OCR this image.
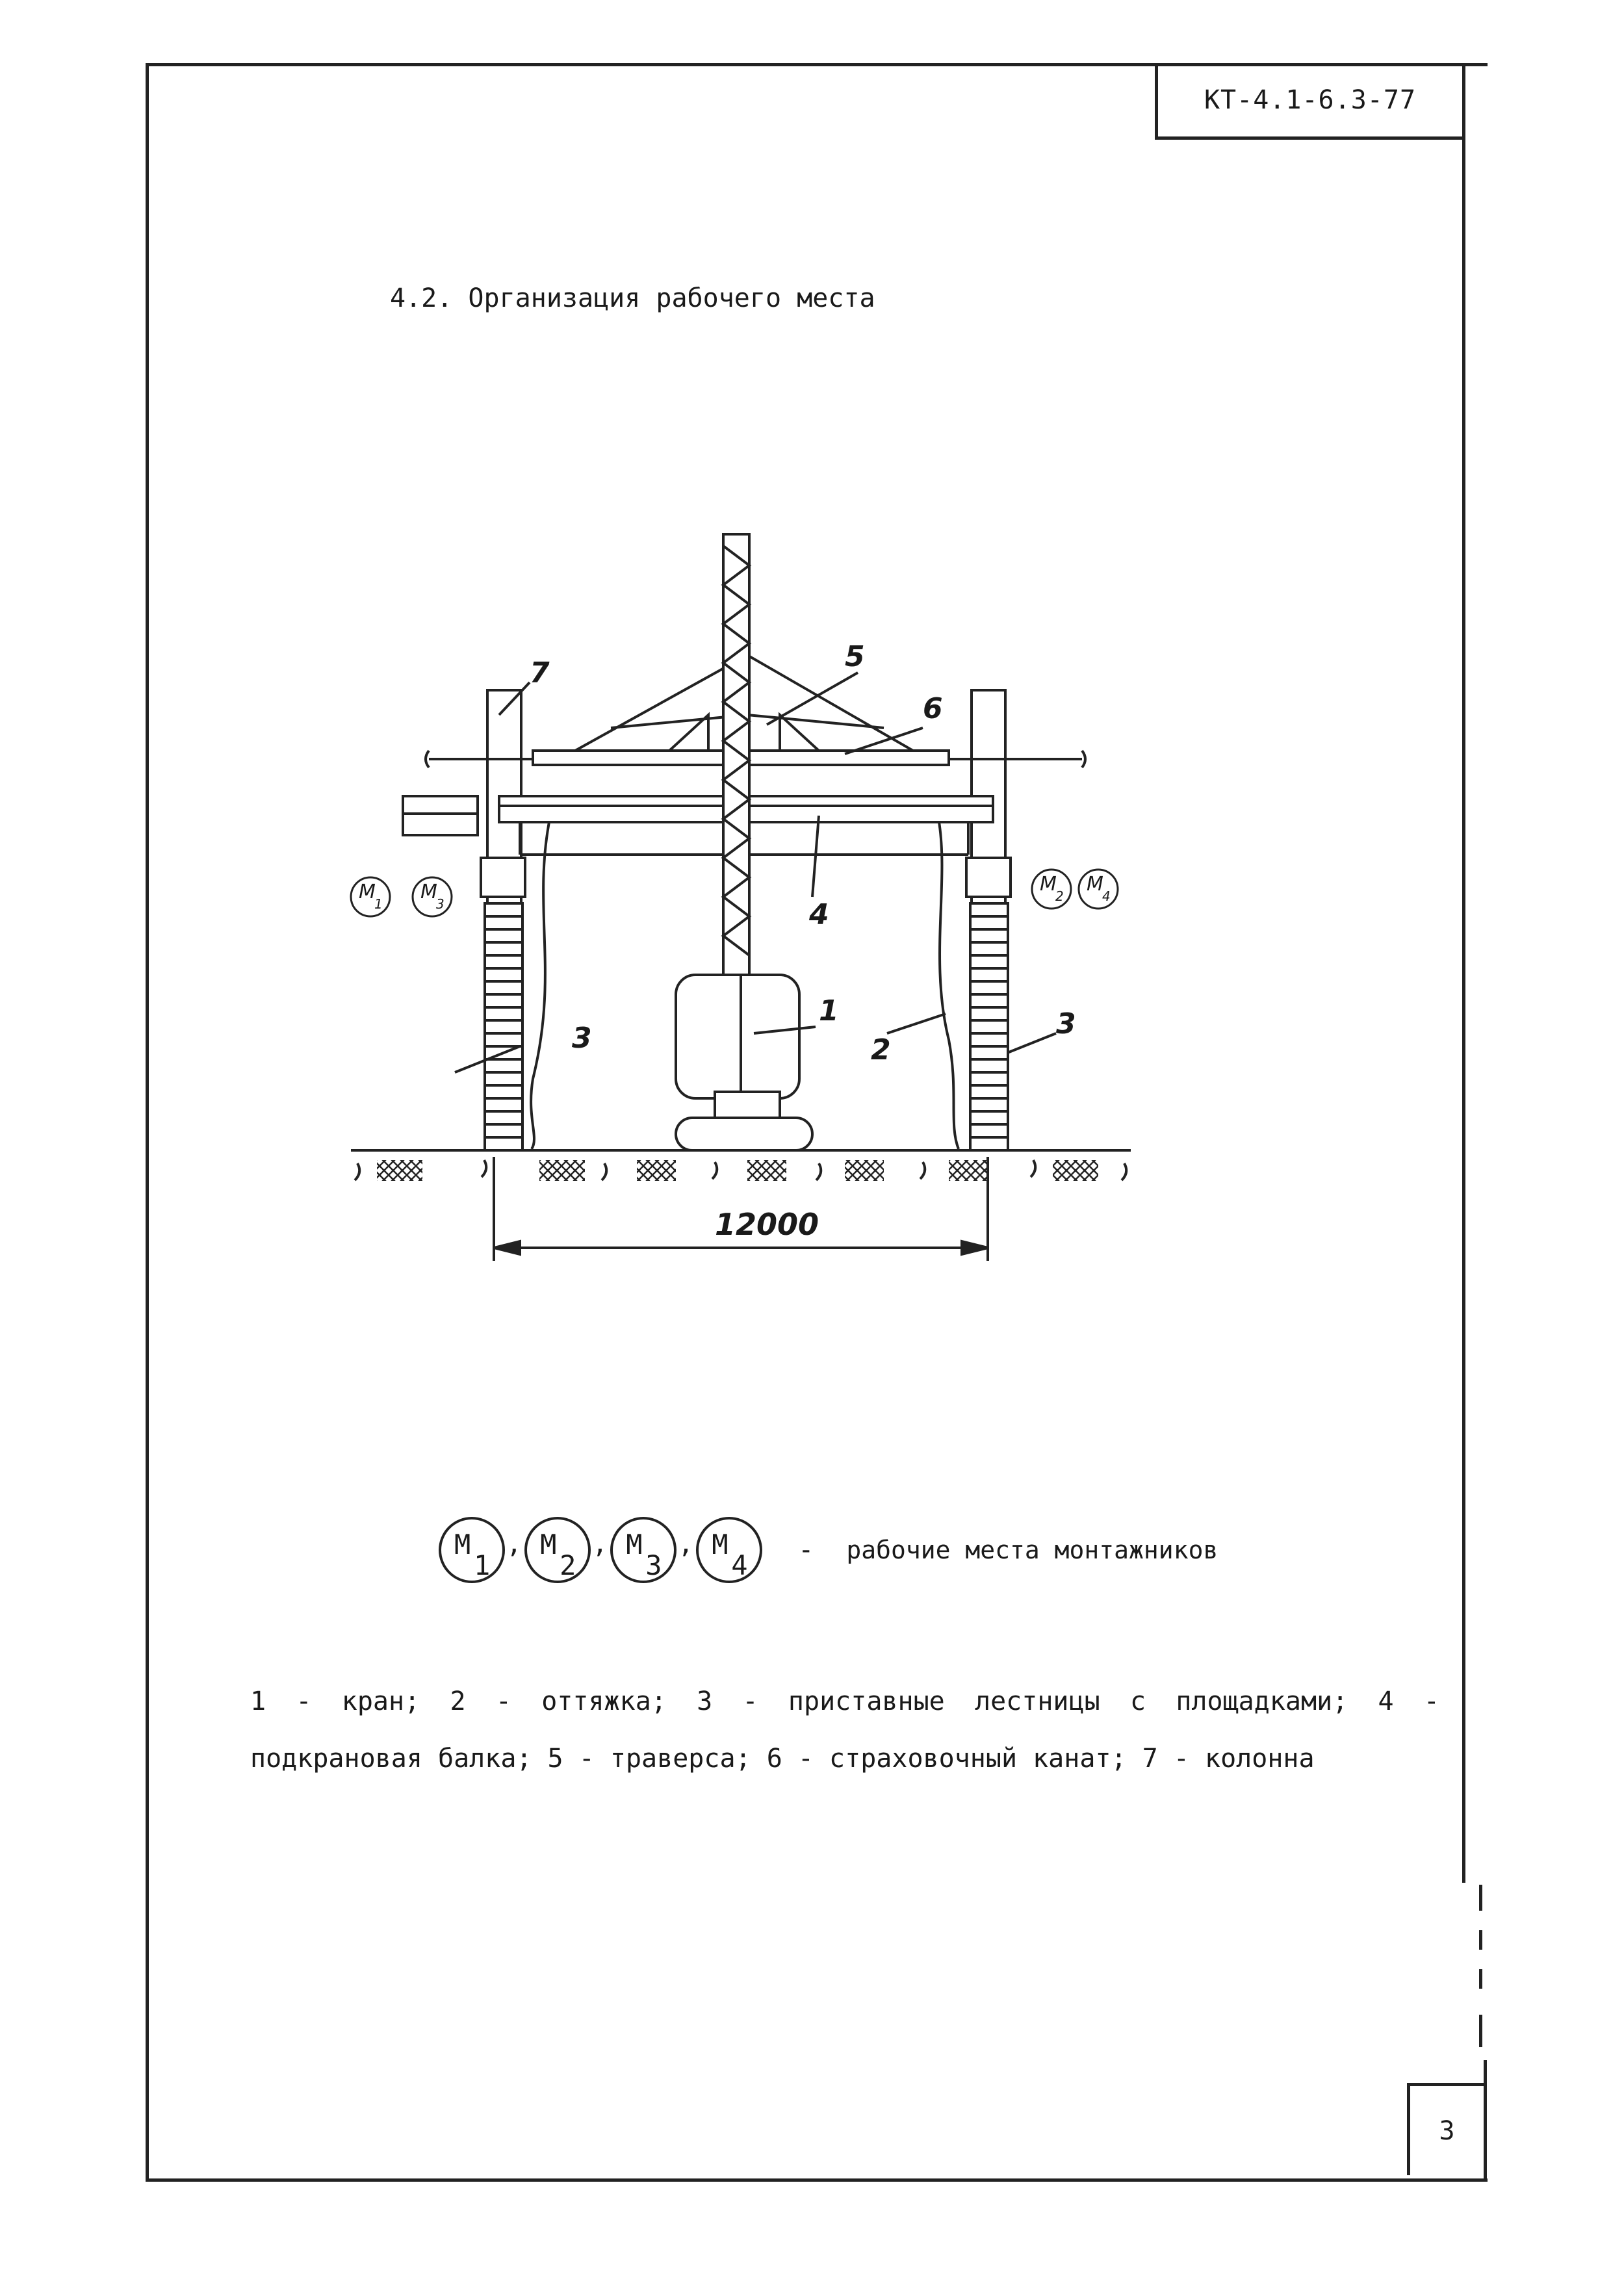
КТ-4.1-6.3-77
4.2. Организация рабочего места
7	5
6
4
1
2
3	3
12000
М
1
М
3
М
2
М
4
М
1
, М
2
, М
3
, М
4 - рабочие места монтажников
1 - кран; 2 - оттяжка; 3 - приставные лестницы с площадками; 4 - подкрановая балка; 5 - траверса; 6 - страховочный канат; 7 - колонна
3
